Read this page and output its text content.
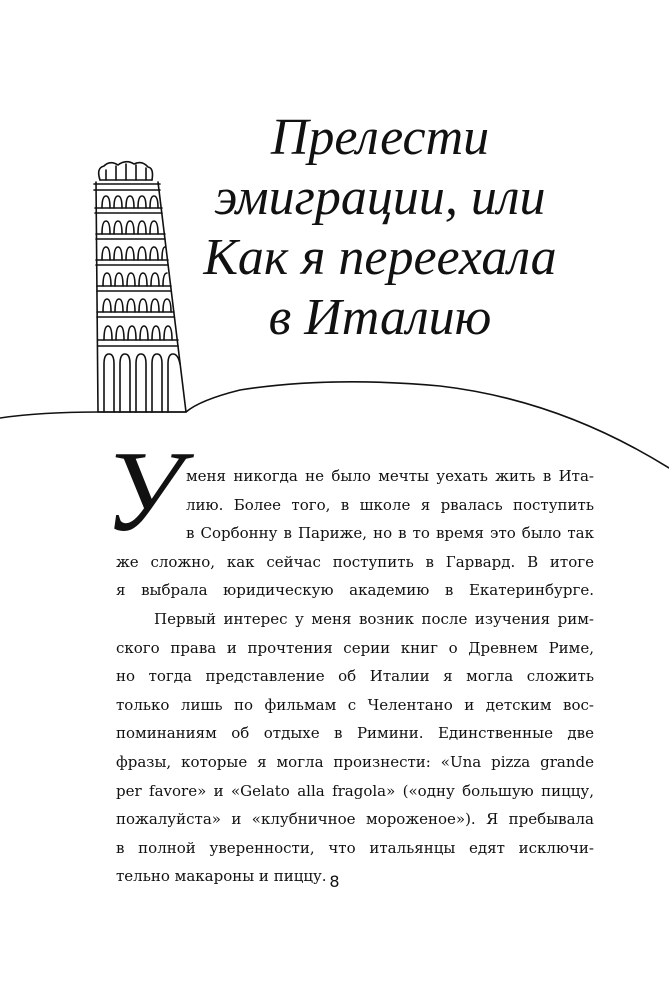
Прелести
эмиграции, или
Как я переехала
в Италию
У меня никогда не было мечты уехать жить в Ита-
лию. Более того, в школе я рвалась поступить
в Сорбонну в Париже, но в то время это было так
же сложно, как сейчас поступить в Гарвард. В итоге
я выбрала юридическую академию в Екатеринбурге.
Первый интерес у меня возник после изучения рим-
ского права и прочтения серии книг о Древнем Риме,
но тогда представление об Италии я могла сложить
только лишь по фильмам с Челентано и детским вос-
поминаниям об отдыхе в Римини. Единственные две
фразы, которые я могла произнести: «Una pizza grande
per favore» и «Gelato alla fragola» («одну большую пиццу,
пожалуйста» и «клубничное мороженое»). Я пребывала
в полной уверенности, что итальянцы едят исключи-
тельно макароны и пиццу. 8
